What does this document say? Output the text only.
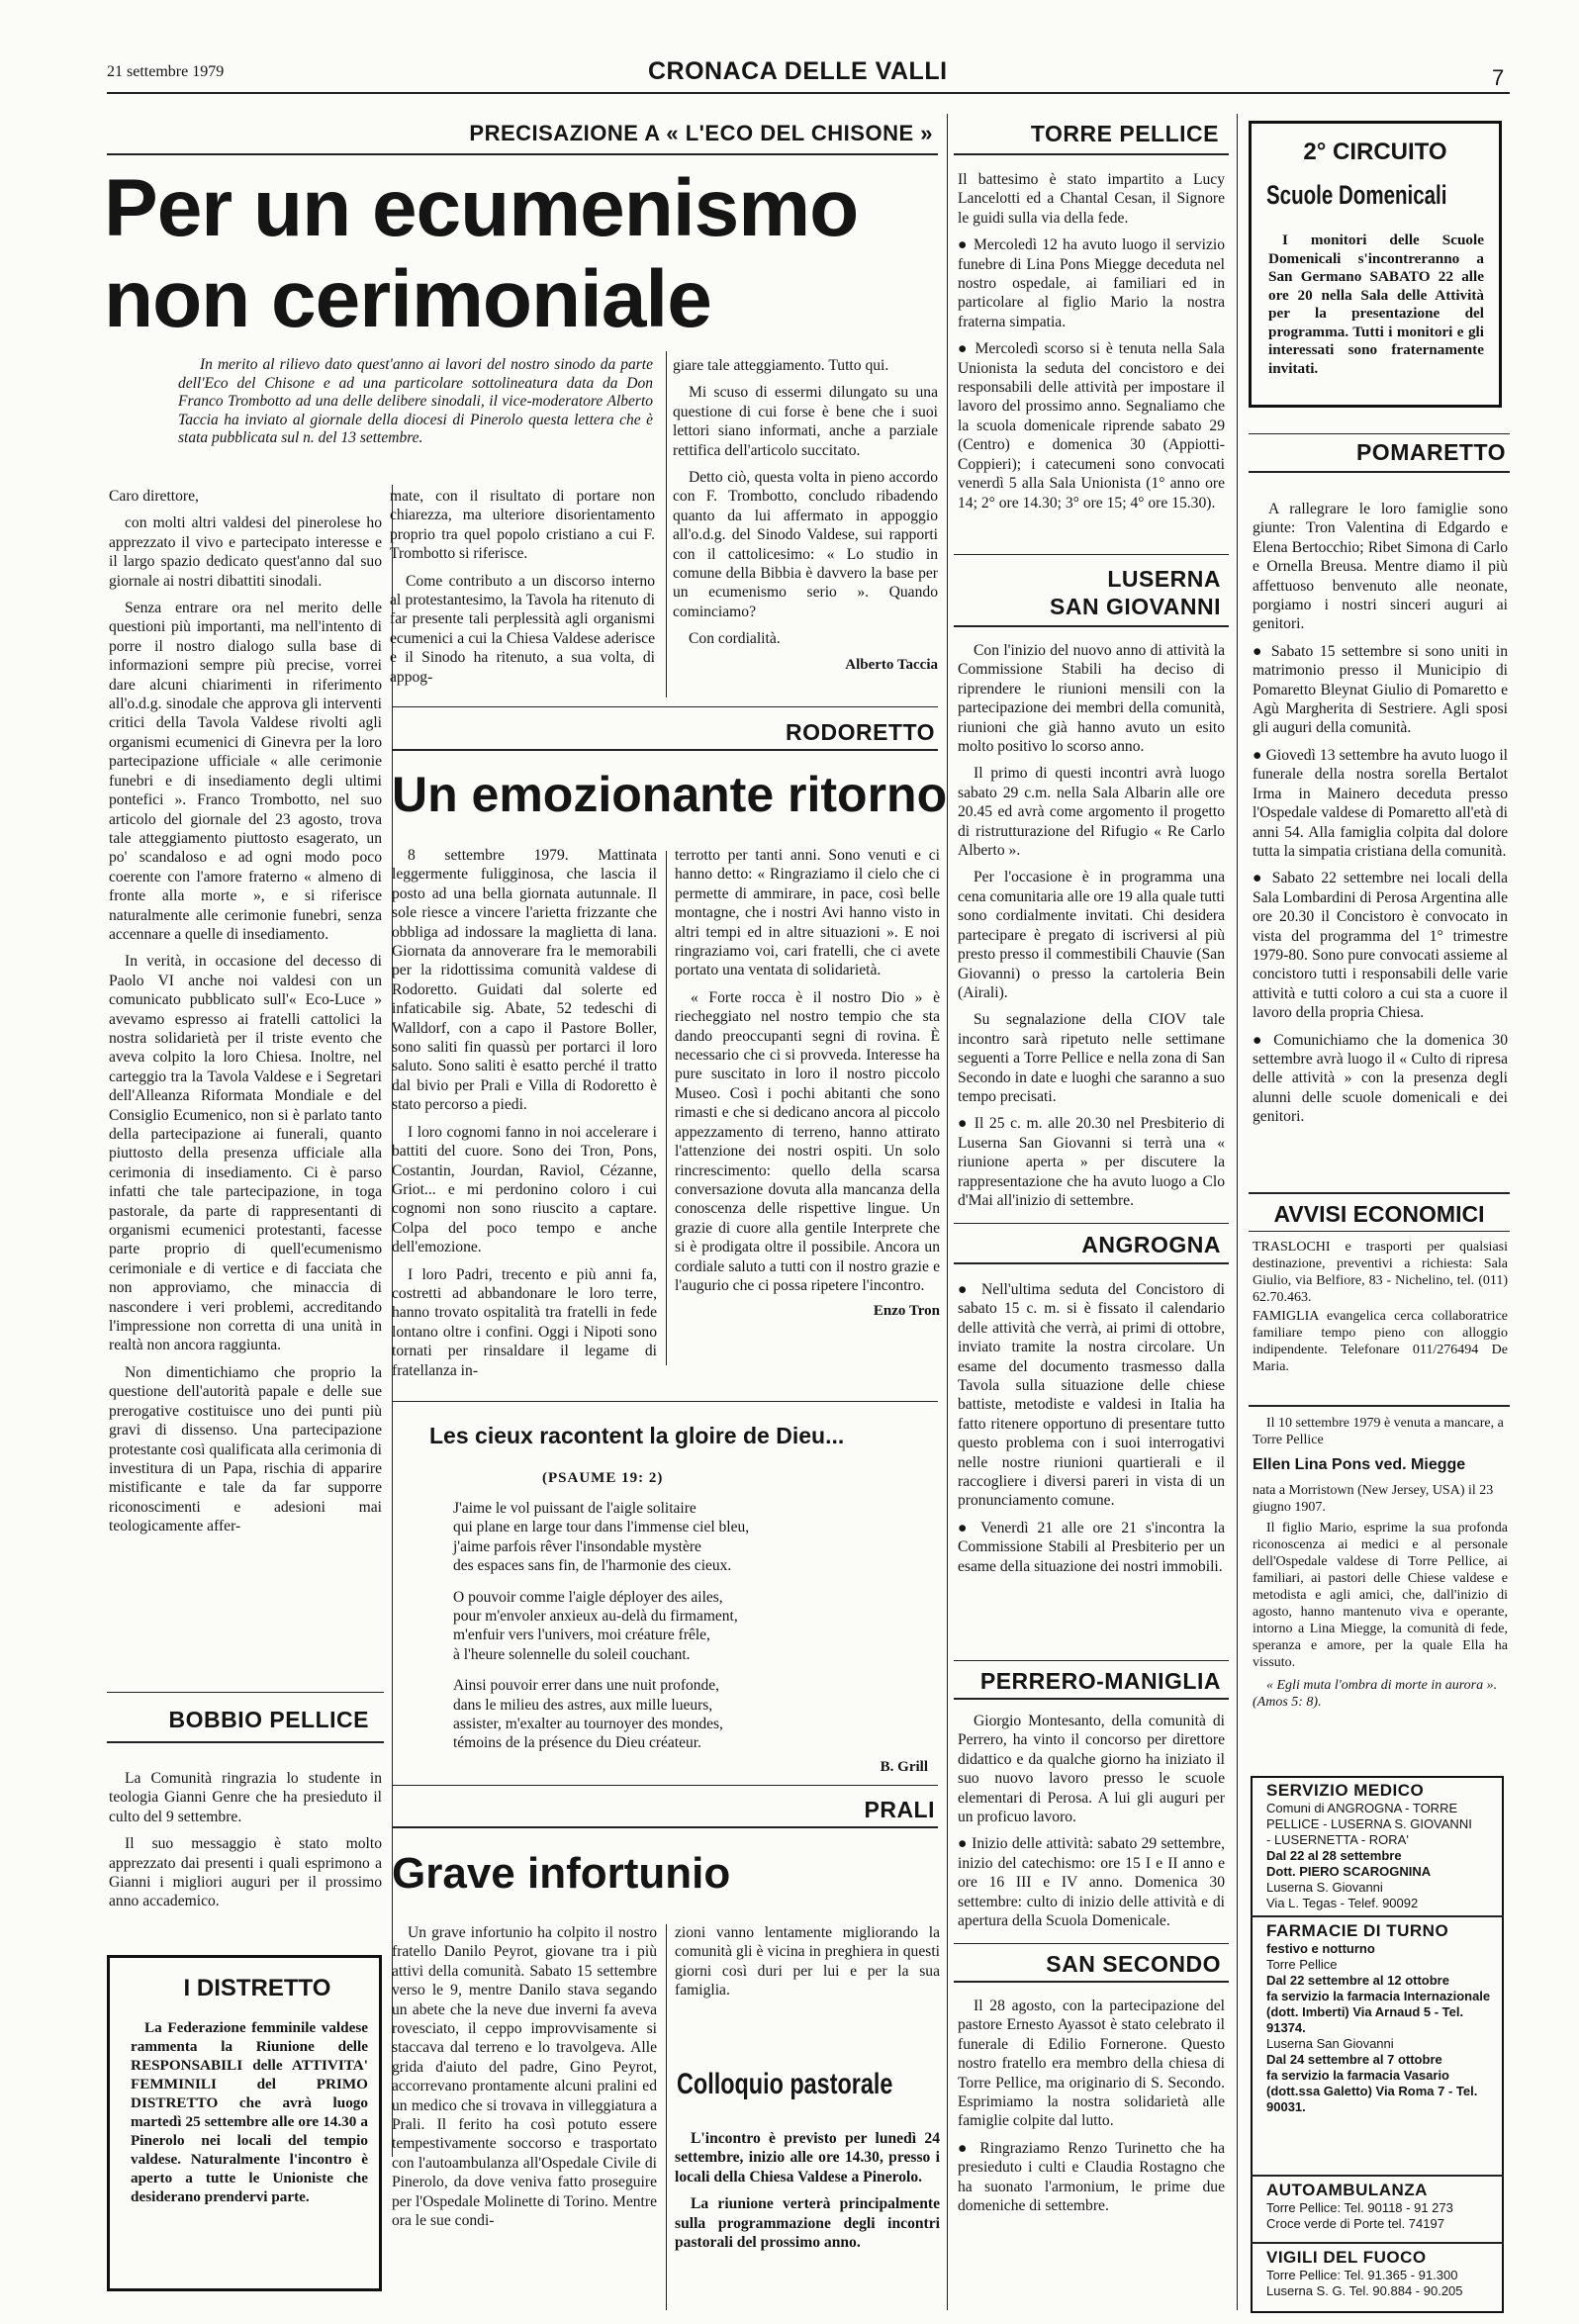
21 settembre 1979	CRONACA DELLE VALLI	7
PRECISAZIONE A « L'ECO DEL CHISONE »
Per un ecumenismo
non cerimoniale
In merito al rilievo dato quest'anno ai lavori del nostro sinodo da parte dell'Eco del Chisone e ad una particolare sottolineatura data da Don Franco Trombotto ad una delle delibere sinodali, il vice-moderatore Alberto Taccia ha inviato al giornale della diocesi di Pinerolo questa lettera che è stata pubblicata sul n. del 13 settembre.

Caro direttore,

con molti altri valdesi del pinerolese ho apprezzato il vivo e partecipato interesse e il largo spazio dedicato quest'anno dal suo giornale ai nostri dibattiti sinodali.

Senza entrare ora nel merito delle questioni più importanti, ma nell'intento di porre il nostro dialogo sulla base di informazioni sempre più precise, vorrei dare alcuni chiarimenti in riferimento all'o.d.g. sinodale che approva gli interventi critici della Tavola Valdese rivolti agli organismi ecumenici di Ginevra per la loro partecipazione ufficiale « alle cerimonie funebri e di insediamento degli ultimi pontefici ». Franco Trombotto, nel suo articolo del giornale del 23 agosto, trova tale atteggiamento piuttosto esagerato, un po' scandaloso e ad ogni modo poco coerente con l'amore fraterno « almeno di fronte alla morte », e si riferisce naturalmente alle cerimonie funebri, senza accennare a quelle di insediamento.

In verità, in occasione del decesso di Paolo VI anche noi valdesi con un comunicato pubblicato sull'« Eco-Luce » avevamo espresso ai fratelli cattolici la nostra solidarietà per il triste evento che aveva colpito la loro Chiesa. Inoltre, nel carteggio tra la Tavola Valdese e i Segretari dell'Alleanza Riformata Mondiale e del Consiglio Ecumenico, non si è parlato tanto della partecipazione ai funerali, quanto piuttosto della presenza ufficiale alla cerimonia di insediamento. Ci è parso infatti che tale partecipazione, in toga pastorale, da parte di rappresentanti di organismi ecumenici protestanti, facesse parte proprio di quell'ecumenismo cerimoniale e di vertice e di facciata che non approviamo, che minaccia di nascondere i veri problemi, accreditando l'impressione non corretta di una unità in realtà non ancora raggiunta.

Non dimentichiamo che proprio la questione dell'autorità papale e delle sue prerogative costituisce uno dei punti più gravi di dissenso. Una partecipazione protestante così qualificata alla cerimonia di investitura di un Papa, rischia di apparire mistificante e tale da far supporre riconoscimenti e adesioni mai teologicamente affer-

mate, con il risultato di portare non chiarezza, ma ulteriore disorientamento proprio tra quel popolo cristiano a cui F. Trombotto si riferisce.

Come contributo a un discorso interno al protestantesimo, la Tavola ha ritenuto di far presente tali perplessità agli organismi ecumenici a cui la Chiesa Valdese aderisce e il Sinodo ha ritenuto, a sua volta, di appog-

giare tale atteggiamento. Tutto qui.

Mi scuso di essermi dilungato su una questione di cui forse è bene che i suoi lettori siano informati, anche a parziale rettifica dell'articolo succitato.

Detto ciò, questa volta in pieno accordo con F. Trombotto, concludo ribadendo quanto da lui affermato in appoggio all'o.d.g. del Sinodo Valdese, sui rapporti con il cattolicesimo: « Lo studio in comune della Bibbia è davvero la base per un ecumenismo serio ». Quando cominciamo?

Con cordialità.

Alberto Taccia
RODORETTO
Un emozionante ritorno

8 settembre 1979. Mattinata leggermente fuligginosa, che lascia il posto ad una bella giornata autunnale. Il sole riesce a vincere l'arietta frizzante che obbliga ad indossare la maglietta di lana. Giornata da annoverare fra le memorabili per la ridottissima comunità valdese di Rodoretto. Guidati dal solerte ed infaticabile sig. Abate, 52 tedeschi di Walldorf, con a capo il Pastore Boller, sono saliti fin quassù per portarci il loro saluto. Sono saliti è esatto perché il tratto dal bivio per Prali e Villa di Rodoretto è stato percorso a piedi.

I loro cognomi fanno in noi accelerare i battiti del cuore. Sono dei Tron, Pons, Costantin, Jourdan, Raviol, Cézanne, Griot... e mi perdonino coloro i cui cognomi non sono riuscito a captare. Colpa del poco tempo e anche dell'emozione.

I loro Padri, trecento e più anni fa, costretti ad abbandonare le loro terre, hanno trovato ospitalità tra fratelli in fede lontano oltre i confini. Oggi i Nipoti sono tornati per rinsaldare il legame di fratellanza in-

terrotto per tanti anni. Sono venuti e ci hanno detto: « Ringraziamo il cielo che ci permette di ammirare, in pace, così belle montagne, che i nostri Avi hanno visto in altri tempi ed in altre situazioni ». E noi ringraziamo voi, cari fratelli, che ci avete portato una ventata di solidarietà.

« Forte rocca è il nostro Dio » è riecheggiato nel nostro tempio che sta dando preoccupanti segni di rovina. È necessario che ci si provveda. Interesse ha pure suscitato in loro il nostro piccolo Museo. Così i pochi abitanti che sono rimasti e che si dedicano ancora al piccolo appezzamento di terreno, hanno attirato l'attenzione dei nostri ospiti. Un solo rincrescimento: quello della scarsa conversazione dovuta alla mancanza della conoscenza delle rispettive lingue. Un grazie di cuore alla gentile Interprete che si è prodigata oltre il possibile. Ancora un cordiale saluto a tutti con il nostro grazie e l'augurio che ci possa ripetere l'incontro.

Enzo Tron
Les cieux racontent la gloire de Dieu...
(PSAUME 19: 2)

J'aime le vol puissant de l'aigle solitaire
qui plane en large tour dans l'immense ciel bleu,
j'aime parfois rêver l'insondable mystère
des espaces sans fin, de l'harmonie des cieux.

O pouvoir comme l'aigle déployer des ailes,
pour m'envoler anxieux au-delà du firmament,
m'enfuir vers l'univers, moi créature frêle,
à l'heure solennelle du soleil couchant.

Ainsi pouvoir errer dans une nuit profonde,
dans le milieu des astres, aux mille lueurs,
assister, m'exalter au tournoyer des mondes,
témoins de la présence du Dieu créateur.

B. Grill
BOBBIO PELLICE

La Comunità ringrazia lo studente in teologia Gianni Genre che ha presieduto il culto del 9 settembre.

Il suo messaggio è stato molto apprezzato dai presenti i quali esprimono a Gianni i migliori auguri per il prossimo anno accademico.

I DISTRETTO
La Federazione femminile valdese rammenta la Riunione delle RESPONSABILI delle ATTIVITA' FEMMINILI del PRIMO DISTRETTO che avrà luogo martedì 25 settembre alle ore 14.30 a Pinerolo nei locali del tempio valdese. Naturalmente l'incontro è aperto a tutte le Unioniste che desiderano prendervi parte.
PRALI
Grave infortunio

Un grave infortunio ha colpito il nostro fratello Danilo Peyrot, giovane tra i più attivi della comunità. Sabato 15 settembre verso le 9, mentre Danilo stava segando un abete che la neve due inverni fa aveva rovesciato, il ceppo improvvisamente si staccava dal terreno e lo travolgeva. Alle grida d'aiuto del padre, Gino Peyrot, accorrevano prontamente alcuni pralini ed un medico che si trovava in villeggiatura a Prali. Il ferito ha così potuto essere tempestivamente soccorso e trasportato con l'autoambulanza all'Ospedale Civile di Pinerolo, da dove veniva fatto proseguire per l'Ospedale Molinette di Torino. Mentre ora le sue condi-

zioni vanno lentamente migliorando la comunità gli è vicina in preghiera in questi giorni così duri per lui e per la sua famiglia.

Colloquio pastorale

L'incontro è previsto per lunedì 24 settembre, inizio alle ore 14.30, presso i locali della Chiesa Valdese a Pinerolo.

La riunione verterà principalmente sulla programmazione degli incontri pastorali del prossimo anno.

TORRE PELLICE

Il battesimo è stato impartito a Lucy Lancelotti ed a Chantal Cesan, il Signore le guidi sulla via della fede.

● Mercoledì 12 ha avuto luogo il servizio funebre di Lina Pons Miegge deceduta nel nostro ospedale, ai familiari ed in particolare al figlio Mario la nostra fraterna simpatia.

● Mercoledì scorso si è tenuta nella Sala Unionista la seduta del concistoro e dei responsabili delle attività per impostare il lavoro del prossimo anno. Segnaliamo che la scuola domenicale riprende sabato 29 (Centro) e domenica 30 (Appiotti-Coppieri); i catecumeni sono convocati venerdì 5 alla Sala Unionista (1° anno ore 14; 2° ore 14.30; 3° ore 15; 4° ore 15.30).

LUSERNA
SAN GIOVANNI

Con l'inizio del nuovo anno di attività la Commissione Stabili ha deciso di riprendere le riunioni mensili con la partecipazione dei membri della comunità, riunioni che già hanno avuto un esito molto positivo lo scorso anno.

Il primo di questi incontri avrà luogo sabato 29 c.m. nella Sala Albarin alle ore 20.45 ed avrà come argomento il progetto di ristrutturazione del Rifugio « Re Carlo Alberto ».

Per l'occasione è in programma una cena comunitaria alle ore 19 alla quale tutti sono cordialmente invitati. Chi desidera partecipare è pregato di iscriversi al più presto presso il commestibili Chauvie (San Giovanni) o presso la cartoleria Bein (Airali).

Su segnalazione della CIOV tale incontro sarà ripetuto nelle settimane seguenti a Torre Pellice e nella zona di San Secondo in date e luoghi che saranno a suo tempo precisati.

● Il 25 c. m. alle 20.30 nel Presbiterio di Luserna San Giovanni si terrà una « riunione aperta » per discutere la rappresentazione che ha avuto luogo a Clo d'Mai all'inizio di settembre.

ANGROGNA

● Nell'ultima seduta del Concistoro di sabato 15 c. m. si è fissato il calendario delle attività che verrà, ai primi di ottobre, inviato tramite la nostra circolare. Un esame del documento trasmesso dalla Tavola sulla situazione delle chiese battiste, metodiste e valdesi in Italia ha fatto ritenere opportuno di presentare tutto questo problema con i suoi interrogativi nelle nostre riunioni quartierali e il raccogliere i diversi pareri in vista di un pronunciamento comune.

● Venerdì 21 alle ore 21 s'incontra la Commissione Stabili al Presbiterio per un esame della situazione dei nostri immobili.

PERRERO-MANIGLIA

Giorgio Montesanto, della comunità di Perrero, ha vinto il concorso per direttore didattico e da qualche giorno ha iniziato il suo nuovo lavoro presso le scuole elementari di Perosa. A lui gli auguri per un proficuo lavoro.

● Inizio delle attività: sabato 29 settembre, inizio del catechismo: ore 15 I e II anno e ore 16 III e IV anno. Domenica 30 settembre: culto di inizio delle attività e di apertura della Scuola Domenicale.

SAN SECONDO

Il 28 agosto, con la partecipazione del pastore Ernesto Ayassot è stato celebrato il funerale di Edilio Fornerone. Questo nostro fratello era membro della chiesa di Torre Pellice, ma originario di S. Secondo. Esprimiamo la nostra solidarietà alle famiglie colpite dal lutto.

● Ringraziamo Renzo Turinetto che ha presieduto i culti e Claudia Rostagno che ha suonato l'armonium, le prime due domeniche di settembre.

2° CIRCUITO
Scuole Domenicali
I monitori delle Scuole Domenicali s'incontreranno a San Germano SABATO 22 alle ore 20 nella Sala delle Attività per la presentazione del programma. Tutti i monitori e gli interessati sono fraternamente invitati.
POMARETTO

A rallegrare le loro famiglie sono giunte: Tron Valentina di Edgardo e Elena Bertocchio; Ribet Simona di Carlo e Ornella Breusa. Mentre diamo il più affettuoso benvenuto alle neonate, porgiamo i nostri sinceri auguri ai genitori.

● Sabato 15 settembre si sono uniti in matrimonio presso il Municipio di Pomaretto Bleynat Giulio di Pomaretto e Agù Margherita di Sestriere. Agli sposi gli auguri della comunità.

● Giovedì 13 settembre ha avuto luogo il funerale della nostra sorella Bertalot Irma in Mainero deceduta presso l'Ospedale valdese di Pomaretto all'età di anni 54. Alla famiglia colpita dal dolore tutta la simpatia cristiana della comunità.

● Sabato 22 settembre nei locali della Sala Lombardini di Perosa Argentina alle ore 20.30 il Concistoro è convocato in vista del programma del 1° trimestre 1979-80. Sono pure convocati assieme al concistoro tutti i responsabili delle varie attività e tutti coloro a cui sta a cuore il lavoro della propria Chiesa.

● Comunichiamo che la domenica 30 settembre avrà luogo il « Culto di ripresa delle attività » con la presenza degli alunni delle scuole domenicali e dei genitori.

AVVISI ECONOMICI

TRASLOCHI e trasporti per qualsiasi destinazione, preventivi a richiesta: Sala Giulio, via Belfiore, 83 - Nichelino, tel. (011) 62.70.463.

FAMIGLIA evangelica cerca collaboratrice familiare tempo pieno con alloggio indipendente. Telefonare 011/276494 De Maria.

Il 10 settembre 1979 è venuta a mancare, a Torre Pellice

Ellen Lina Pons ved. Miegge

nata a Morristown (New Jersey, USA) il 23 giugno 1907.

Il figlio Mario, esprime la sua profonda riconoscenza ai medici e al personale dell'Ospedale valdese di Torre Pellice, ai familiari, ai pastori delle Chiese valdese e metodista e agli amici, che, dall'inizio di agosto, hanno mantenuto viva e operante, intorno a Lina Miegge, la comunità di fede, speranza e amore, per la quale Ella ha vissuto.

« Egli muta l'ombra di morte in aurora ». (Amos 5: 8).

SERVIZIO MEDICO
Comuni di ANGROGNA - TORRE
PELLICE - LUSERNA S. GIOVANNI
- LUSERNETTA - RORA'
Dal 22 al 28 settembre
Dott. PIERO SCAROGNINA
Luserna S. Giovanni
Via L. Tegas - Telef. 90092
FARMACIE DI TURNO
festivo e notturno
Torre Pellice
Dal 22 settembre al 12 ottobre
fa servizio la farmacia Internazionale (dott. Imberti) Via Arnaud 5 - Tel. 91374.
Luserna San Giovanni
Dal 24 settembre al 7 ottobre
fa servizio la farmacia Vasario (dott.ssa Galetto) Via Roma 7 - Tel. 90031.
AUTOAMBULANZA
Torre Pellice: Tel. 90118 - 91 273
Croce verde di Porte tel. 74197
VIGILI DEL FUOCO
Torre Pellice: Tel. 91.365 - 91.300
Luserna S. G. Tel. 90.884 - 90.205
